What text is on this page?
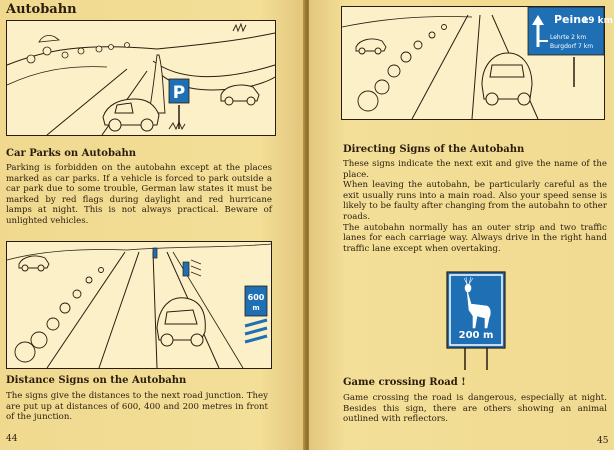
Autobahn
P
Car Parks on Autobahn

Parking is forbidden on the autobahn except at the places marked as car parks. If a vehicle is forced to park outside a car park due to some trouble, German law states it must be marked by red flags during daylight and red hurricane lamps at night. This is not always practical. Beware of unlighted vehicles.

600
m
Distance Signs on the Autobahn

The signs give the distances to the next road junction. They are put up at distances of 600, 400 and 200 metres in front of the junction.

44
Peine
19 km
Lehrte 2 km
Burgdorf 7 km
Directing Signs of the Autobahn
These signs indicate the next exit and give the name of the place.
When leaving the autobahn, be particularly careful as the exit usually runs into a main road. Also your speed sense is likely to be faulty after changing from the autobahn to other roads.
The autobahn normally has an outer strip and two traffic lanes for each carriage way. Always drive in the right hand traffic lane except when overtaking.
200 m
Game crossing Road !

Game crossing the road is dangerous, especially at night. Besides this sign, there are others showing an animal outlined with reflectors.

45
